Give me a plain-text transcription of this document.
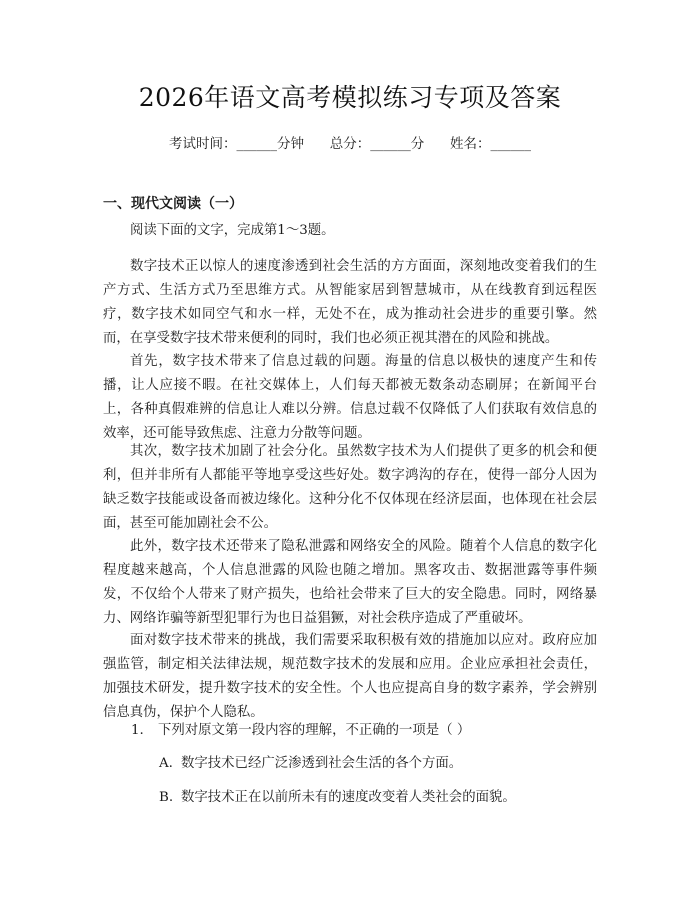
2026年语文高考模拟练习专项及答案
考试时间：______分钟      总分：______分      姓名：______
一、现代文阅读（一）
阅读下面的文字，完成第1～3题。
数字技术正以惊人的速度渗透到社会生活的方方面面，深刻地改变着我们的生产方式、生活方式乃至思维方式。从智能家居到智慧城市，从在线教育到远程医疗，数字技术如同空气和水一样，无处不在，成为推动社会进步的重要引擎。然而，在享受数字技术带来便利的同时，我们也必须正视其潜在的风险和挑战。
首先，数字技术带来了信息过载的问题。海量的信息以极快的速度产生和传播，让人应接不暇。在社交媒体上，人们每天都被无数条动态刷屏；在新闻平台上，各种真假难辨的信息让人难以分辨。信息过载不仅降低了人们获取有效信息的效率，还可能导致焦虑、注意力分散等问题。
其次，数字技术加剧了社会分化。虽然数字技术为人们提供了更多的机会和便利，但并非所有人都能平等地享受这些好处。数字鸿沟的存在，使得一部分人因为缺乏数字技能或设备而被边缘化。这种分化不仅体现在经济层面，也体现在社会层面，甚至可能加剧社会不公。
此外，数字技术还带来了隐私泄露和网络安全的风险。随着个人信息的数字化程度越来越高，个人信息泄露的风险也随之增加。黑客攻击、数据泄露等事件频发，不仅给个人带来了财产损失，也给社会带来了巨大的安全隐患。同时，网络暴力、网络诈骗等新型犯罪行为也日益猖獗，对社会秩序造成了严重破坏。
面对数字技术带来的挑战，我们需要采取积极有效的措施加以应对。政府应加强监管，制定相关法律法规，规范数字技术的发展和应用。企业应承担社会责任，加强技术研发，提升数字技术的安全性。个人也应提高自身的数字素养，学会辨别信息真伪，保护个人隐私。
1. 下列对原文第一段内容的理解，不正确的一项是（ ）
A. 数字技术已经广泛渗透到社会生活的各个方面。
B. 数字技术正在以前所未有的速度改变着人类社会的面貌。
